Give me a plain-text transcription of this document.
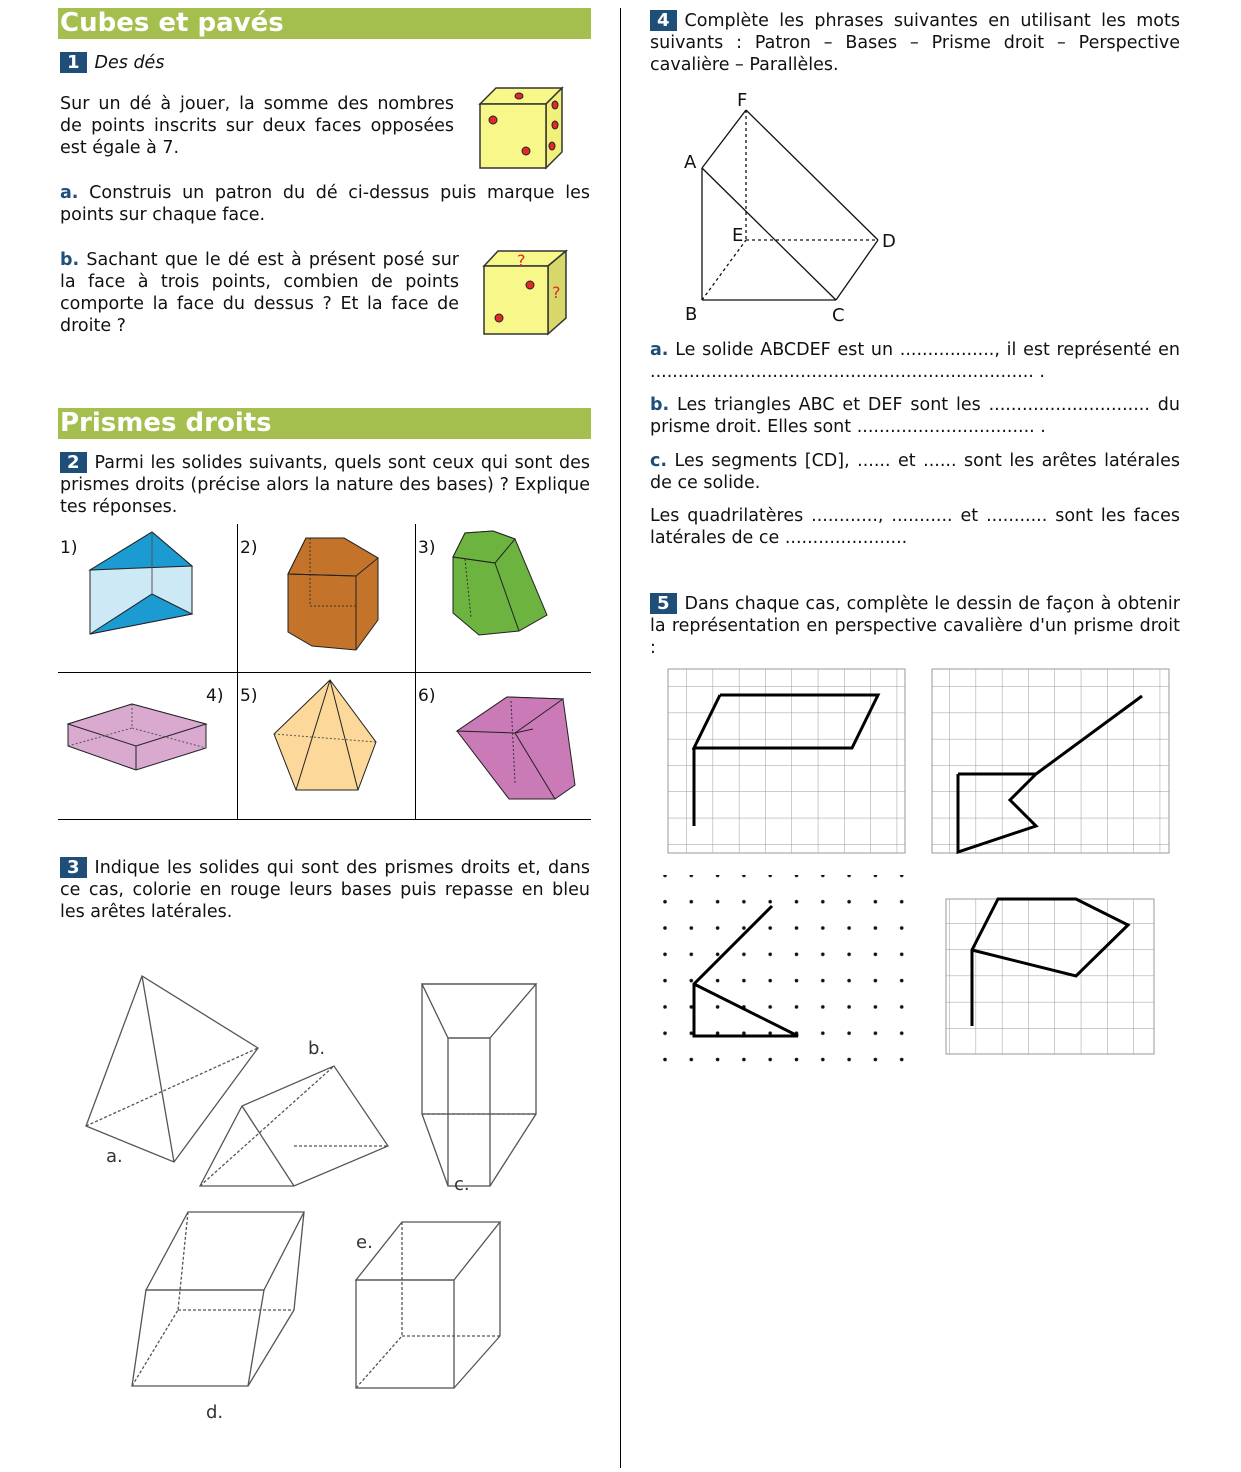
Cubes et pavés
1 Des dés
Sur un dé à jouer, la somme des nombres de points inscrits sur deux faces opposées est égale à 7.
a. Construis un patron du dé ci-dessus puis marque les points sur chaque face.
b. Sachant que le dé est à présent posé sur la face à trois points, combien de points comporte la face du dessus ? Et la face de droite ?
?
?
Prismes droits
2 Parmi les solides suivants, quels sont ceux qui sont des prismes droits (précise alors la nature des bases) ? Explique tes réponses.
1)	2)	3)
4) 5)	6)
3 Indique les solides qui sont des prismes droits et, dans ce cas, colorie en rouge leurs bases puis repasse en bleu les arêtes latérales.
a.
b.
c.
d.
e.
4 Complète les phrases suivantes en utilisant les mots suivants : Patron – Bases – Prisme droit – Perspective cavalière – Parallèles.
F
A
E	D
B	C
a. Le solide ABCDEF est un ................., il est représenté en ..................................................................... .
b. Les triangles ABC et DEF sont les ............................. du prisme droit. Elles sont ................................ .
c. Les segments [CD], ...... et ...... sont les arêtes latérales de ce solide.
Les quadrilatères ............, ........... et ........... sont les faces latérales de ce ......................
5 Dans chaque cas, complète le dessin de façon à obtenir la représentation en perspective cavalière d'un prisme droit :
